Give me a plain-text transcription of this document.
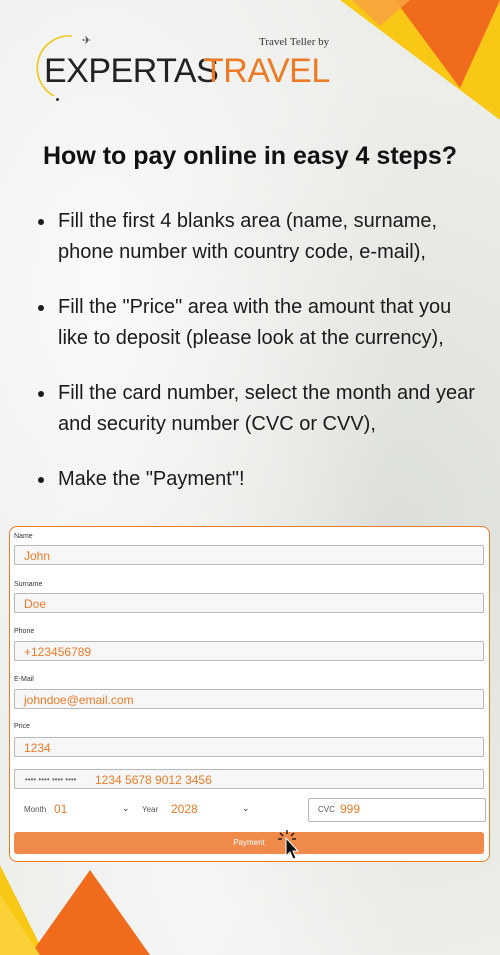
✈	Travel Teller by
EXPERTAS
TRAVEL
How to pay online in easy 4 steps?
Fill the first 4 blanks area (name, surname, phone number with country code, e-mail),
Fill the "Price" area with the amount that you like to deposit (please look at the currency),
Fill the card number, select the month and year and security number (CVC or CVV),
Make the "Payment"!
Name
John
Surname
Doe
Phone
+123456789
E-Mail
johndoe@email.com
Price
1234
•••• •••• •••• •••• 1234 5678 9012 3456
Month 01	⌄ Year 2028	⌄	CVC 999
Payment
